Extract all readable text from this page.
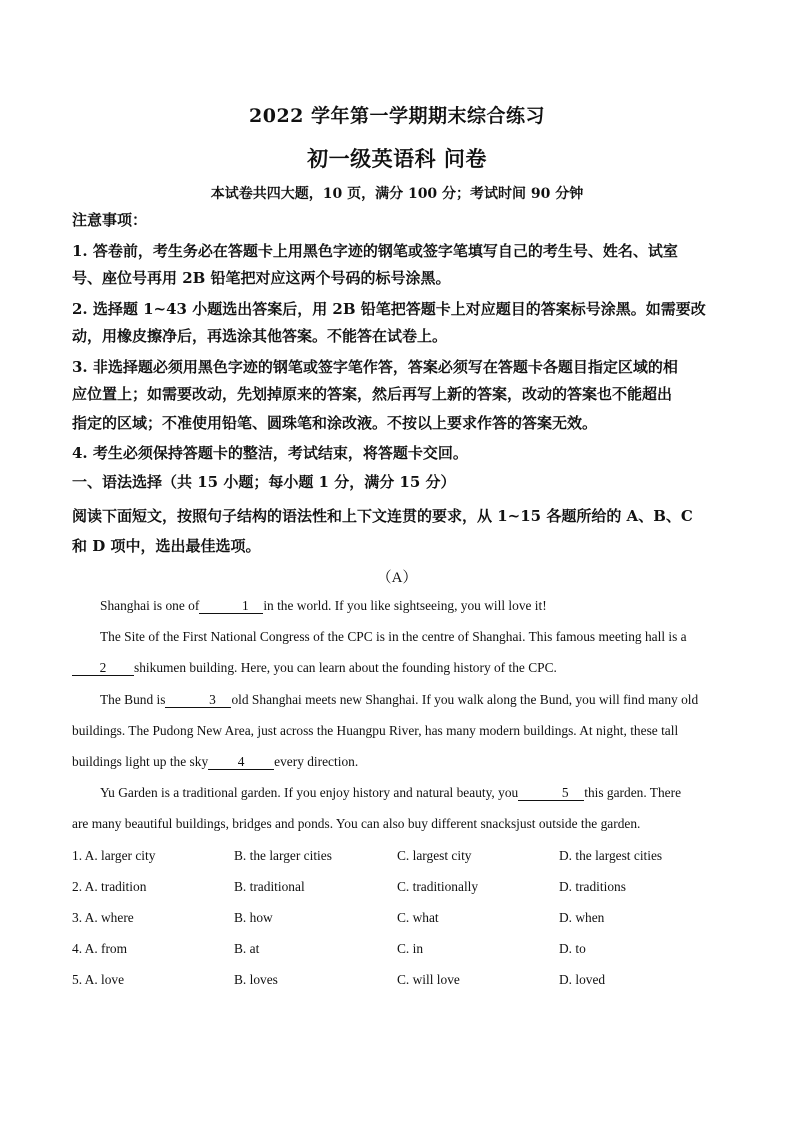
2022 学年第一学期期末综合练习
初一级英语科 问卷
本试卷共四大题，10 页，满分 100 分；考试时间 90 分钟
注意事项：
1. 答卷前，考生务必在答题卡上用黑色字迹的钢笔或签字笔填写自己的考生号、姓名、试室
号、座位号再用 2B 铅笔把对应这两个号码的标号涂黑。
2. 选择题 1~43 小题选出答案后，用 2B 铅笔把答题卡上对应题目的答案标号涂黑。如需要改
动，用橡皮擦净后，再选涂其他答案。不能答在试卷上。
3. 非选择题必须用黑色字迹的钢笔或签字笔作答，答案必须写在答题卡各题目指定区域的相
应位置上；如需要改动，先划掉原来的答案，然后再写上新的答案，改动的答案也不能超出
指定的区域；不准使用铅笔、圆珠笔和涂改液。不按以上要求作答的答案无效。
4. 考生必须保持答题卡的整洁，考试结束，将答题卡交回。
一、语法选择（共 15 小题；每小题 1 分，满分 15 分）
阅读下面短文，按照句子结构的语法性和上下文连贯的要求，从 1~15 各题所给的 A、B、C
和 D 项中，选出最佳选项。
（A）
Shanghai is one of	1 in the world. If you like sightseeing, you will love it!
The Site of the First National Congress of the CPC is in the centre of Shanghai. This famous meeting hall is a
2 shikumen building. Here, you can learn about the founding history of the CPC.
The Bund is	3 old Shanghai meets new Shanghai. If you walk along the Bund, you will find many old
buildings. The Pudong New Area, just across the Huangpu River, has many modern buildings. At night, these tall
buildings light up the sky 4 every direction.
Yu Garden is a traditional garden. If you enjoy history and natural beauty, you	5 this garden. There
are many beautiful buildings, bridges and ponds. You can also buy different snacksjust outside the garden.
1. A. larger city	B. the larger cities	C. largest city	D. the largest cities
2. A. tradition	B. traditional	C. traditionally	D. traditions
3. A. where	B. how	C. what	D. when
4. A. from	B. at	C. in	D. to
5. A. love	B. loves	C. will love	D. loved
